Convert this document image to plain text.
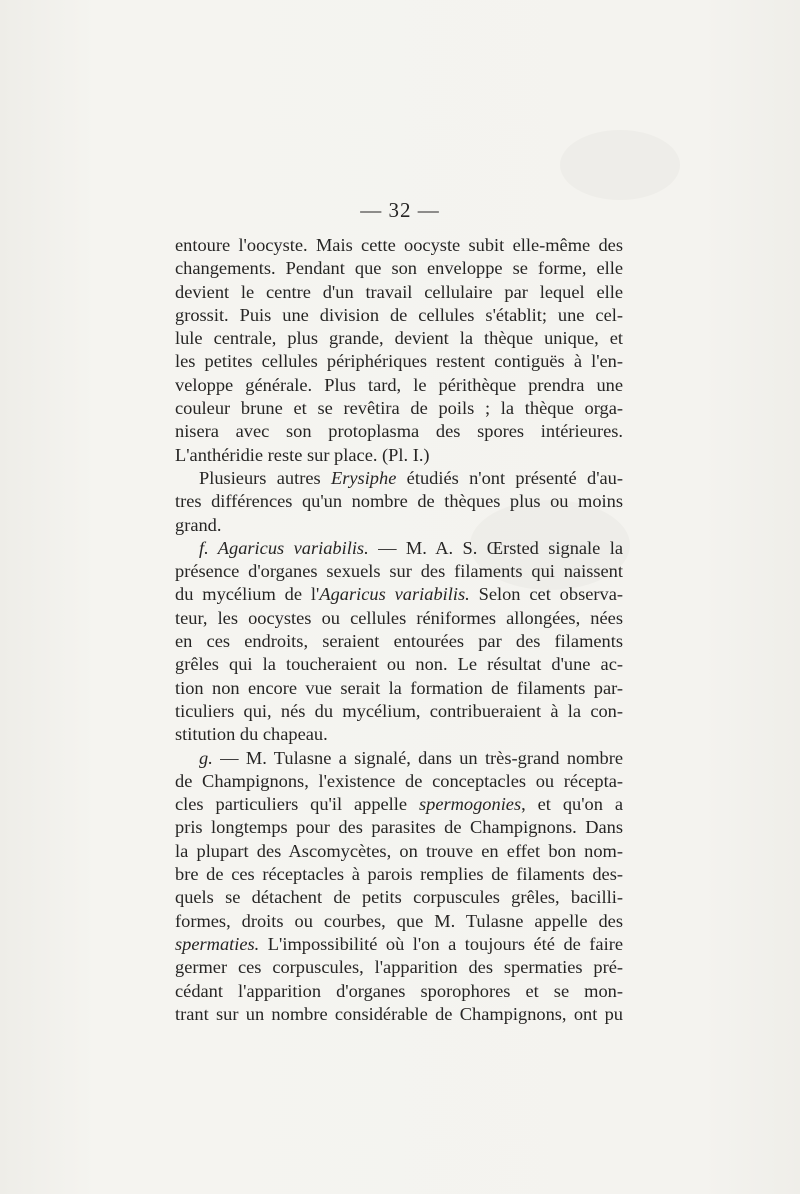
— 32 —
entoure l'oocyste. Mais cette oocyste subit elle-même des
changements. Pendant que son enveloppe se forme, elle
devient le centre d'un travail cellulaire par lequel elle
grossit. Puis une division de cellules s'établit; une cel-
lule centrale, plus grande, devient la thèque unique, et
les petites cellules périphériques restent contiguës à l'en-
veloppe générale. Plus tard, le périthèque prendra une
couleur brune et se revêtira de poils ; la thèque orga-
nisera avec son protoplasma des spores intérieures.
L'anthéridie reste sur place. (Pl. I.)
Plusieurs autres Erysiphe étudiés n'ont présenté d'au-
tres différences qu'un nombre de thèques plus ou moins
grand.
f. Agaricus variabilis. — M. A. S. Œrsted signale la
présence d'organes sexuels sur des filaments qui naissent
du mycélium de l'Agaricus variabilis. Selon cet observa-
teur, les oocystes ou cellules réniformes allongées, nées
en ces endroits, seraient entourées par des filaments
grêles qui la toucheraient ou non. Le résultat d'une ac-
tion non encore vue serait la formation de filaments par-
ticuliers qui, nés du mycélium, contribueraient à la con-
stitution du chapeau.
g. — M. Tulasne a signalé, dans un très-grand nombre
de Champignons, l'existence de conceptacles ou récepta-
cles particuliers qu'il appelle spermogonies, et qu'on a
pris longtemps pour des parasites de Champignons. Dans
la plupart des Ascomycètes, on trouve en effet bon nom-
bre de ces réceptacles à parois remplies de filaments des-
quels se détachent de petits corpuscules grêles, bacilli-
formes, droits ou courbes, que M. Tulasne appelle des
spermaties. L'impossibilité où l'on a toujours été de faire
germer ces corpuscules, l'apparition des spermaties pré-
cédant l'apparition d'organes sporophores et se mon-
trant sur un nombre considérable de Champignons, ont pu
